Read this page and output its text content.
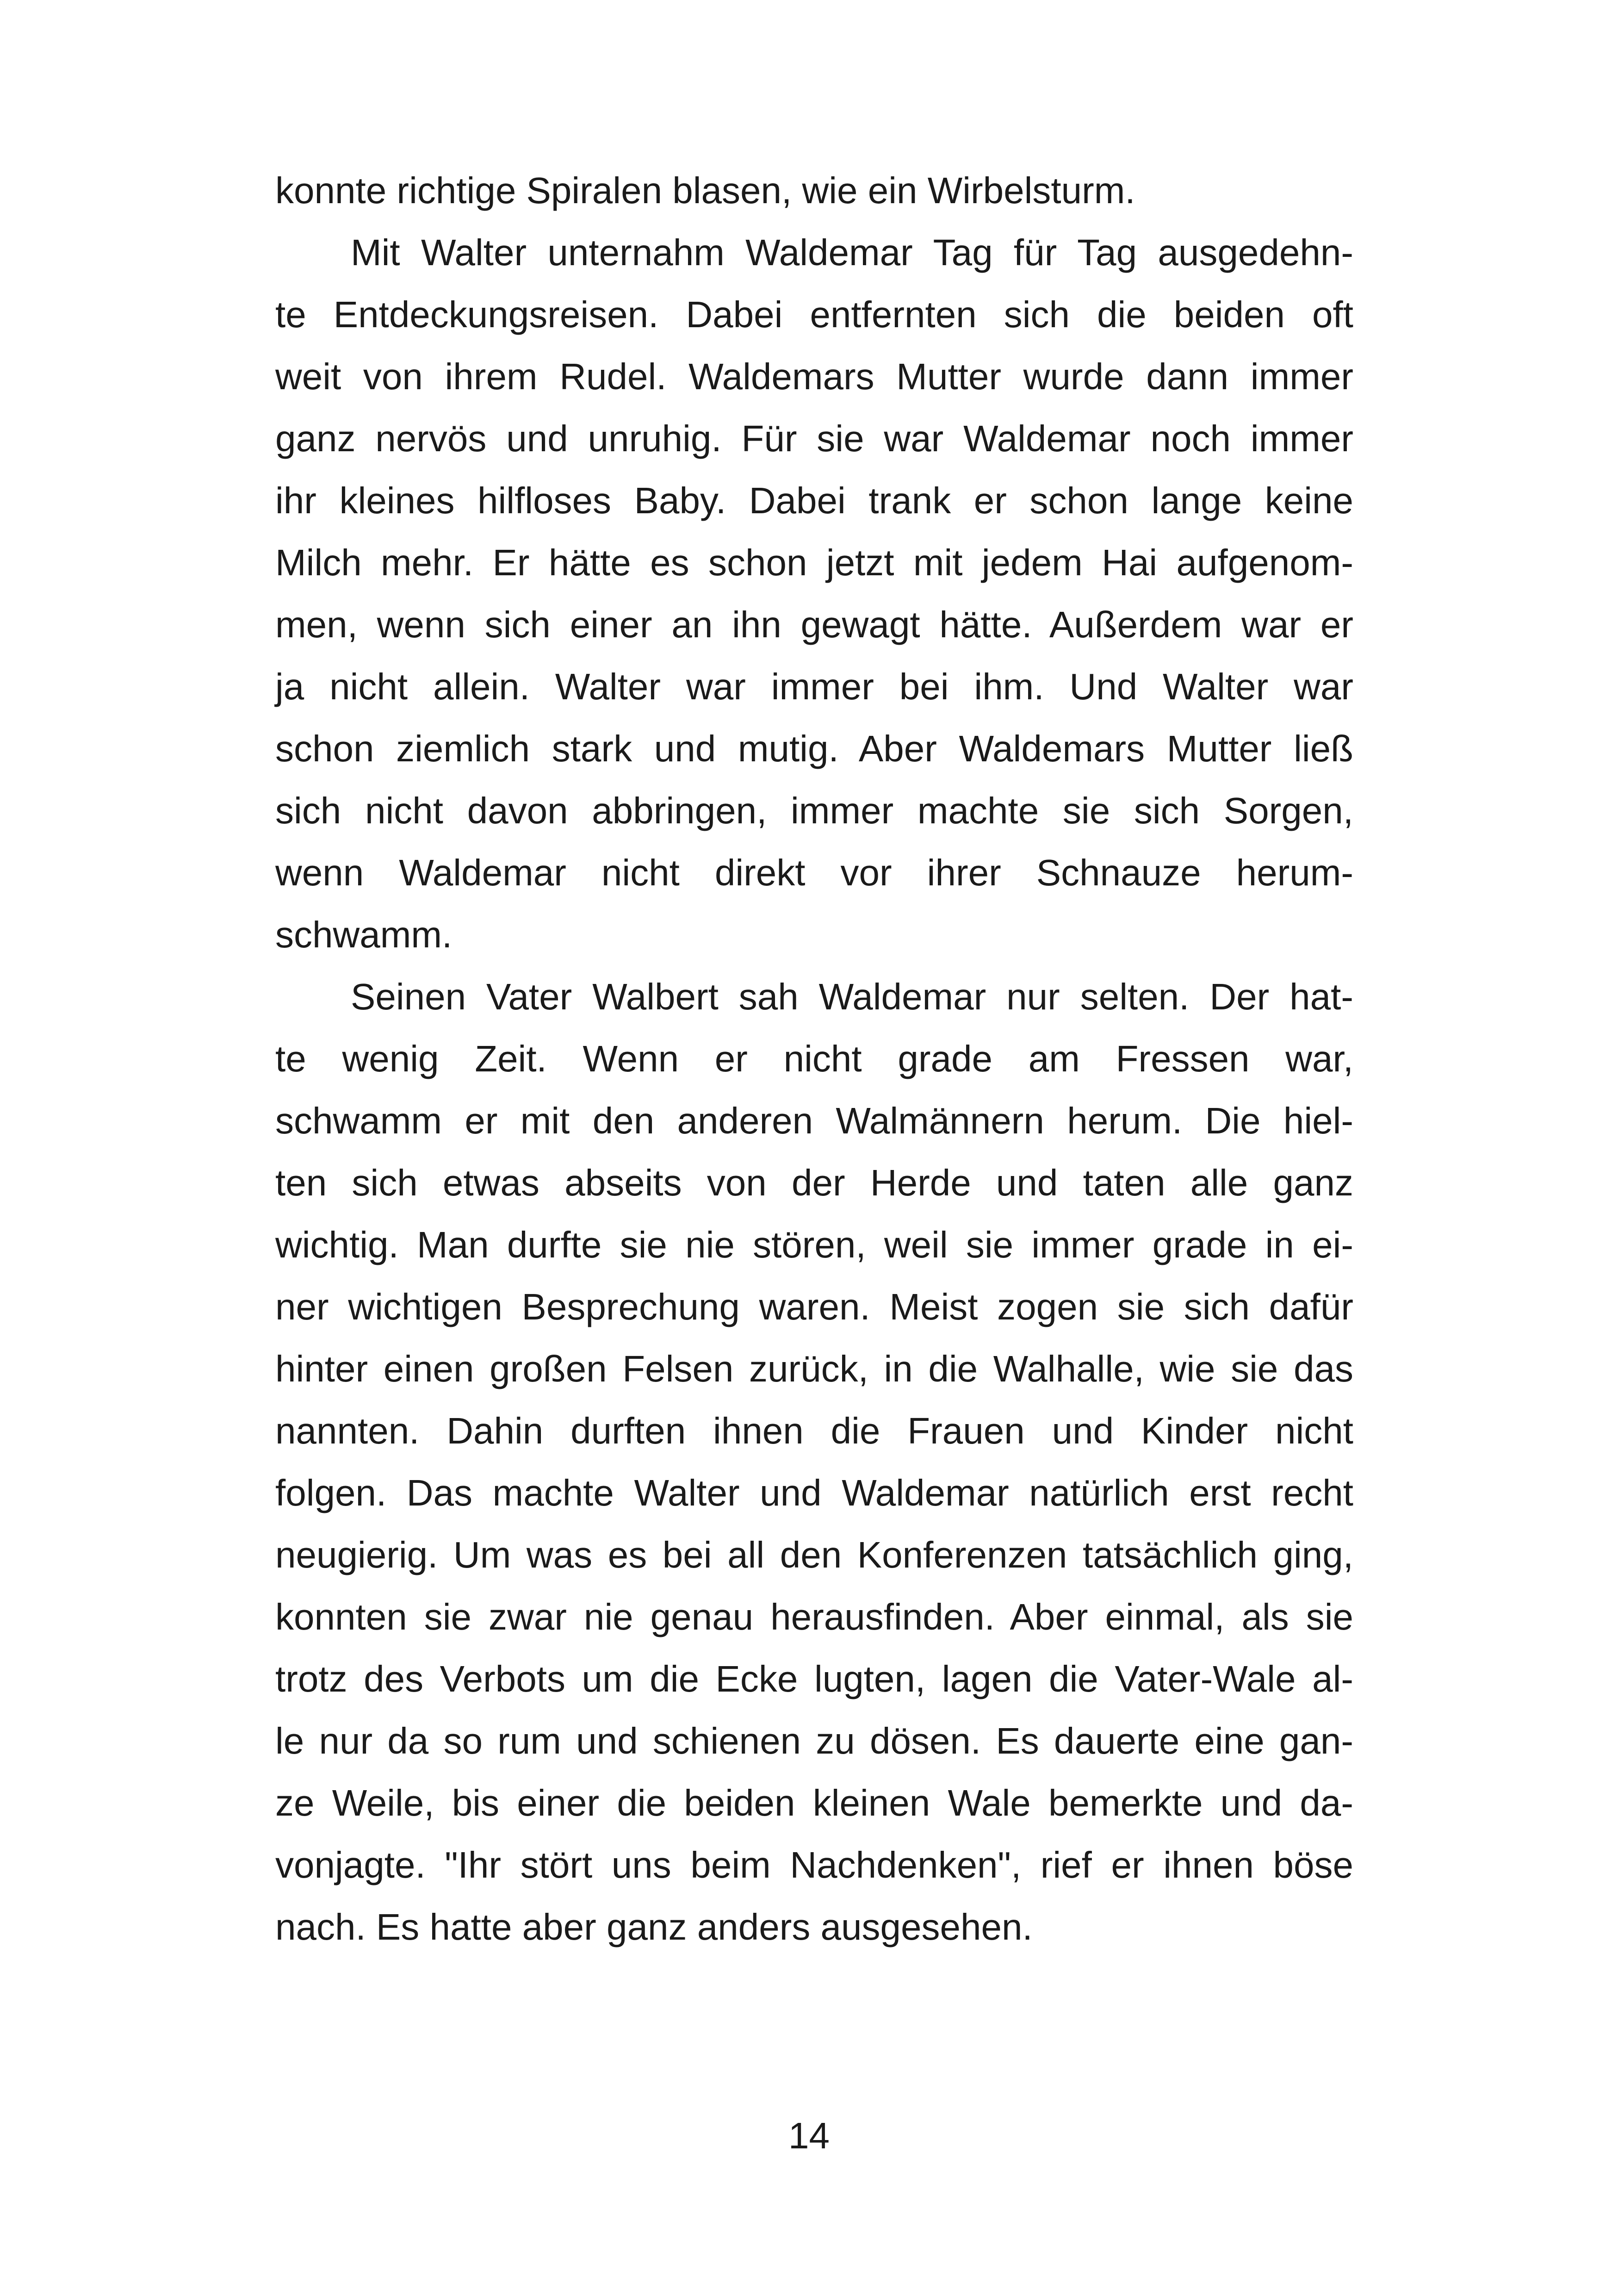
konnte richtige Spiralen blasen, wie ein Wirbelsturm.
Mit Walter unternahm Waldemar Tag für Tag ausgedehn-
te Entdeckungsreisen. Dabei entfernten sich die beiden oft
weit von ihrem Rudel. Waldemars Mutter wurde dann immer
ganz nervös und unruhig. Für sie war Waldemar noch immer
ihr kleines hilfloses Baby. Dabei trank er schon lange keine
Milch mehr. Er hätte es schon jetzt mit jedem Hai aufgenom-
men, wenn sich einer an ihn gewagt hätte. Außerdem war er
ja nicht allein. Walter war immer bei ihm. Und Walter war
schon ziemlich stark und mutig. Aber Waldemars Mutter ließ
sich nicht davon abbringen, immer machte sie sich Sorgen,
wenn Waldemar nicht direkt vor ihrer Schnauze herum-
schwamm.
Seinen Vater Walbert sah Waldemar nur selten. Der hat-
te wenig Zeit. Wenn er nicht grade am Fressen war,
schwamm er mit den anderen Walmännern herum. Die hiel-
ten sich etwas abseits von der Herde und taten alle ganz
wichtig. Man durfte sie nie stören, weil sie immer grade in ei-
ner wichtigen Besprechung waren. Meist zogen sie sich dafür
hinter einen großen Felsen zurück, in die Walhalle, wie sie das
nannten. Dahin durften ihnen die Frauen und Kinder nicht
folgen. Das machte Walter und Waldemar natürlich erst recht
neugierig. Um was es bei all den Konferenzen tatsächlich ging,
konnten sie zwar nie genau herausfinden. Aber einmal, als sie
trotz des Verbots um die Ecke lugten, lagen die Vater-Wale al-
le nur da so rum und schienen zu dösen. Es dauerte eine gan-
ze Weile, bis einer die beiden kleinen Wale bemerkte und da-
vonjagte. "Ihr stört uns beim Nachdenken", rief er ihnen böse
nach. Es hatte aber ganz anders ausgesehen.
14
